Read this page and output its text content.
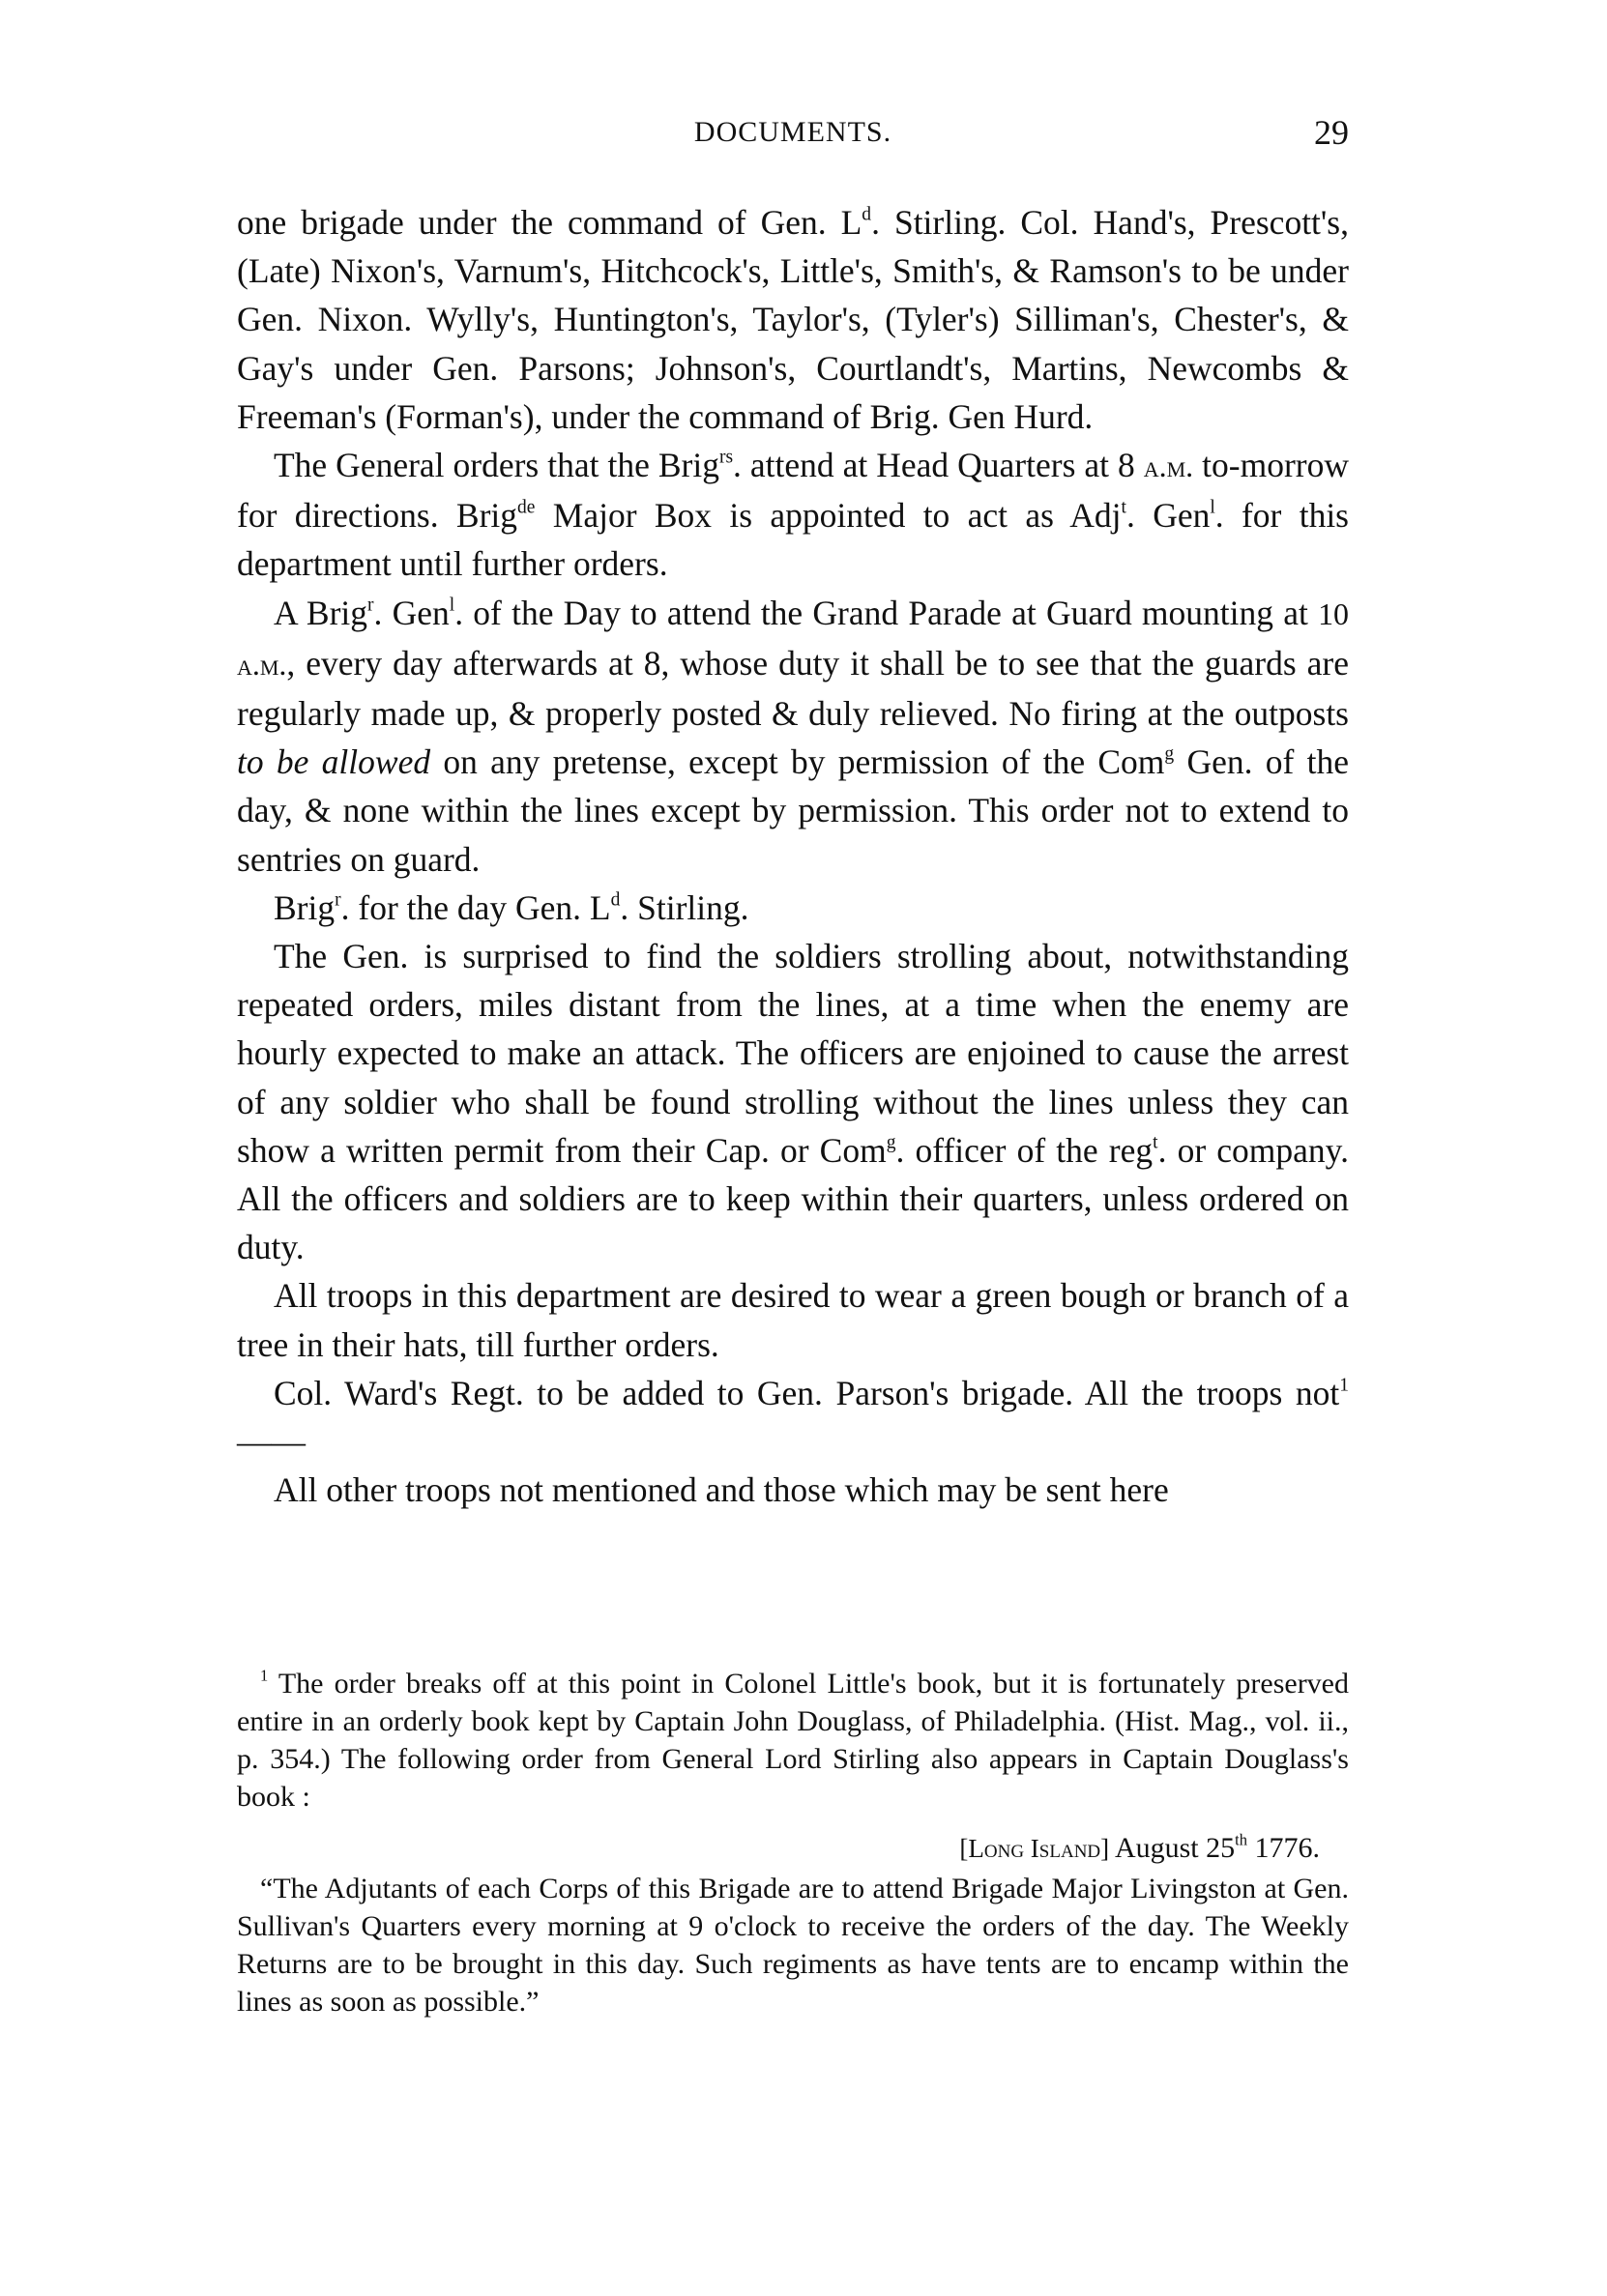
DOCUMENTS.	29

one brigade under the command of Gen. $L^d$. Stirling. Col. Hand's, Prescott's, (Late) Nixon's, Varnum's, Hitchcock's, Little's, Smith's, & Ramson's to be under Gen. Nixon. Wylly's, Huntington's, Taylor's, (Tyler's) Silliman's, Chester's, & Gay's under Gen. Parsons; Johnson's, Courtlandt's, Martins, Newcombs & Freeman's (Forman's), under the command of Brig. Gen Hurd.

The General orders that the Brig$^{rs}$. attend at Head Quarters at 8 a.m. to-morrow for directions. Brig$^{de}$ Major Box is appointed to act as Adj$^t$. Gen$^l$. for this department until further orders.

A Brig$^r$. Gen$^l$. of the Day to attend the Grand Parade at Guard mounting at 10 a.m., every day afterwards at 8, whose duty it shall be to see that the guards are regularly made up, & properly posted & duly relieved. No firing at the outposts to be allowed on any pretense, except by permission of the Com$^g$ Gen. of the day, & none within the lines except by permission. This order not to extend to sentries on guard.

Brig$^r$. for the day Gen. $L^d$. Stirling.

The Gen. is surprised to find the soldiers strolling about, notwithstanding repeated orders, miles distant from the lines, at a time when the enemy are hourly expected to make an attack. The officers are enjoined to cause the arrest of any soldier who shall be found strolling without the lines unless they can show a written permit from their Cap. or Com$^g$. officer of the reg$^t$. or company. All the officers and soldiers are to keep within their quarters, unless ordered on duty.

All troops in this department are desired to wear a green bough or branch of a tree in their hats, till further orders.

Col. Ward's Regt. to be added to Gen. Parson's brigade. All the troops not$^1$——

All other troops not mentioned and those which may be sent here

$^1$ The order breaks off at this point in Colonel Little's book, but it is fortunately preserved entire in an orderly book kept by Captain John Douglass, of Philadelphia. (Hist. Mag., vol. ii., p. 354.) The following order from General Lord Stirling also appears in Captain Douglass's book :

[Long Island] August 25th 1776.

“The Adjutants of each Corps of this Brigade are to attend Brigade Major Livingston at Gen. Sullivan's Quarters every morning at 9 o'clock to receive the orders of the day. The Weekly Returns are to be brought in this day. Such regiments as have tents are to encamp within the lines as soon as possible.”
